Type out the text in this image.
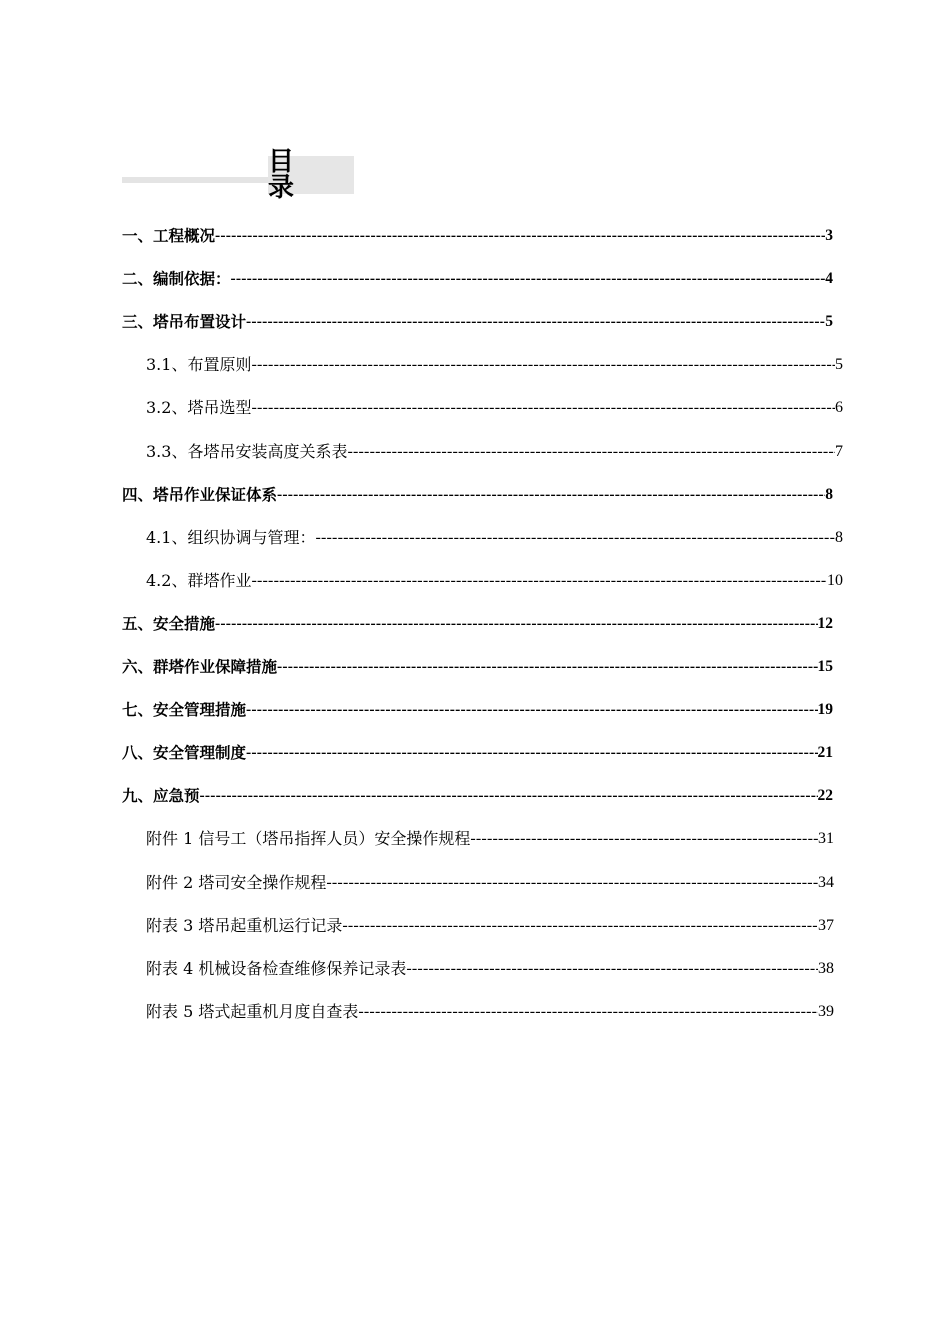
目 录
一、工程概况 -----	3
二、编制依据： -----	4
三、塔吊布置设计 -----	5
3.1、布置原则 -----	5
3.2、塔吊选型 -----	6
3.3、各塔吊安装高度关系表 -----	7
四、塔吊作业保证体系 -----	8
4.1、组织协调与管理： -----	8
4.2、群塔作业 -----	10
五、安全措施 -----	12
六、群塔作业保障措施 -----	15
七、安全管理措施 -----	19
八、安全管理制度 -----	21
九、应急预 -----	22
附件 1 信号工（塔吊指挥人员）安全操作规程 -----	31
附件 2 塔司安全操作规程 -----	34
附表 3 塔吊起重机运行记录 -----	37
附表 4 机械设备检查维修保养记录表 -----	38
附表 5 塔式起重机月度自查表 -----	39
